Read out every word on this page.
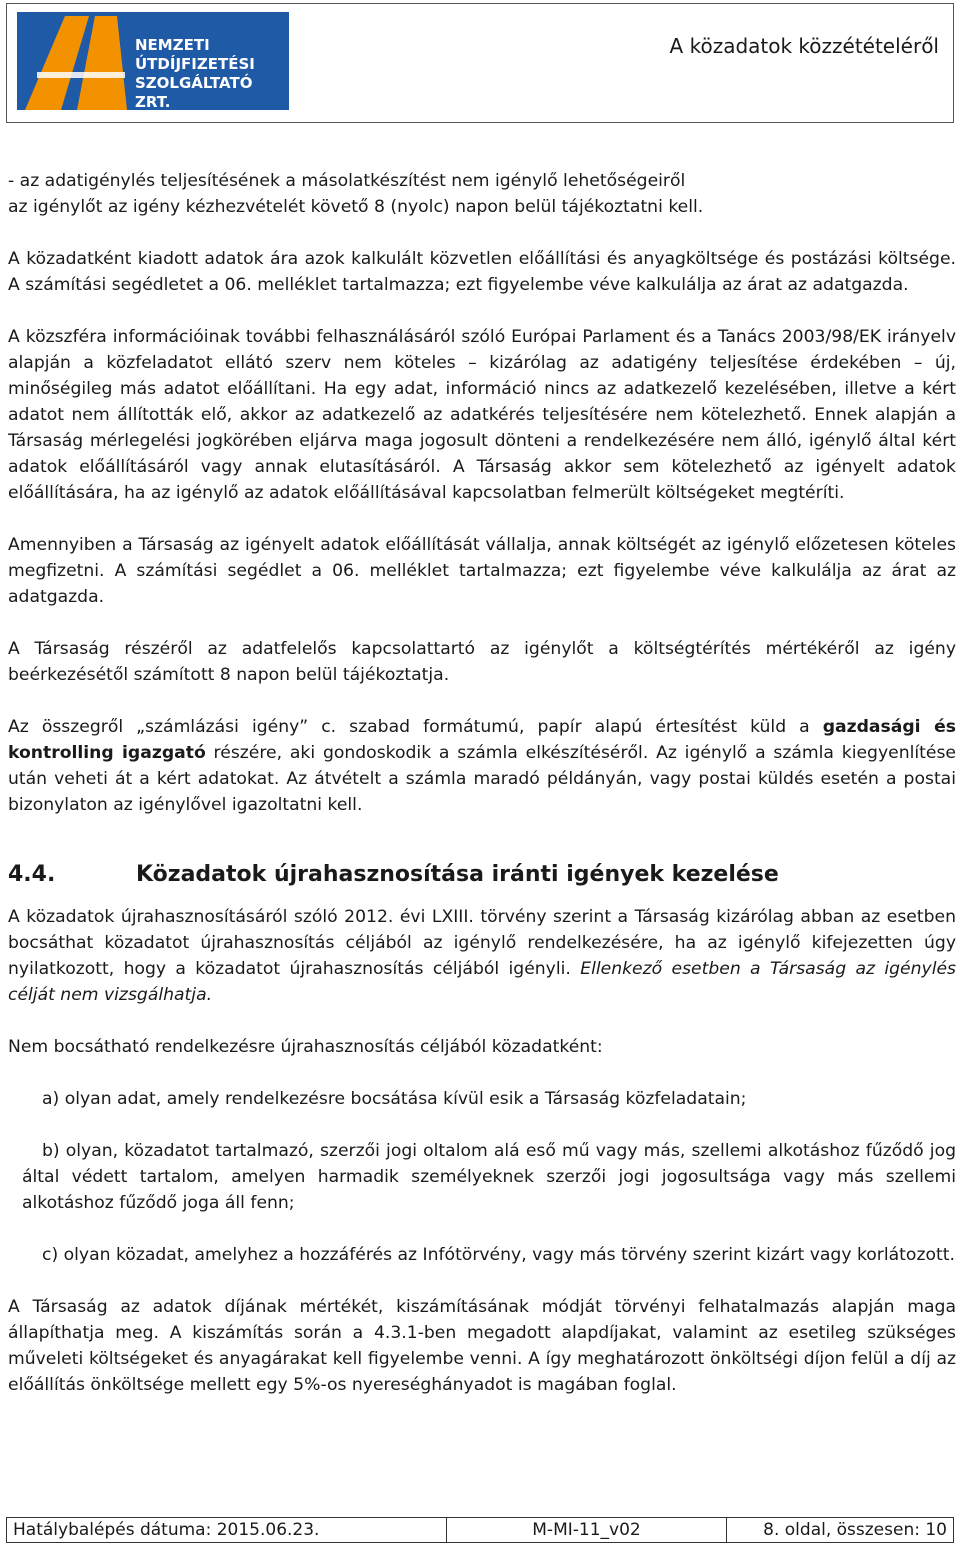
NEMZETI
ÚTDÍJFIZETÉSI
SZOLGÁLTATÓ ZRT.
A közadatok közzétételéről

- az adatigénylés teljesítésének a másolatkészítést nem igénylő lehetőségeiről
az igénylőt az igény kézhezvételét követő 8 (nyolc) napon belül tájékoztatni kell.

A közadatként kiadott adatok ára azok kalkulált közvetlen előállítási és anyagköltsége és postázási költsége. A számítási segédletet a 06. melléklet tartalmazza; ezt figyelembe véve kalkulálja az árat az adatgazda.

A közszféra információinak további felhasználásáról szóló Európai Parlament és a Tanács 2003/98/EK irányelv alapján a közfeladatot ellátó szerv nem köteles – kizárólag az adatigény teljesítése érdekében – új, minőségileg más adatot előállítani. Ha egy adat, információ nincs az adatkezelő kezelésében, illetve a kért adatot nem állították elő, akkor az adatkezelő az adatkérés teljesítésére nem kötelezhető. Ennek alapján a Társaság mérlegelési jogkörében eljárva maga jogosult dönteni a rendelkezésére nem álló, igénylő által kért adatok előállításáról vagy annak elutasításáról. A Társaság akkor sem kötelezhető az igényelt adatok előállítására, ha az igénylő az adatok előállításával kapcsolatban felmerült költségeket megtéríti.

Amennyiben a Társaság az igényelt adatok előállítását vállalja, annak költségét az igénylő előzetesen köteles megfizetni. A számítási segédlet a 06. melléklet tartalmazza; ezt figyelembe véve kalkulálja az árat az adatgazda.

A Társaság részéről az adatfelelős kapcsolattartó az igénylőt a költségtérítés mértékéről az igény beérkezésétől számított 8 napon belül tájékoztatja.

Az összegről „számlázási igény” c. szabad formátumú, papír alapú értesítést küld a gazdasági és kontrolling igazgató részére, aki gondoskodik a számla elkészítéséről. Az igénylő a számla kiegyenlítése után veheti át a kért adatokat. Az átvételt a számla maradó példányán, vagy postai küldés esetén a postai bizonylaton az igénylővel igazoltatni kell.

4.4.	Közadatok újrahasznosítása iránti igények kezelése

A közadatok újrahasznosításáról szóló 2012. évi LXIII. törvény szerint a Társaság kizárólag abban az esetben bocsáthat közadatot újrahasznosítás céljából az igénylő rendelkezésére, ha az igénylő kifejezetten úgy nyilatkozott, hogy a közadatot újrahasznosítás céljából igényli. Ellenkező esetben a Társaság az igénylés célját nem vizsgálhatja.

Nem bocsátható rendelkezésre újrahasznosítás céljából közadatként:

a) olyan adat, amely rendelkezésre bocsátása kívül esik a Társaság közfeladatain;

b) olyan, közadatot tartalmazó, szerzői jogi oltalom alá eső mű vagy más, szellemi alkotáshoz fűződő jog által védett tartalom, amelyen harmadik személyeknek szerzői jogi jogosultsága vagy más szellemi alkotáshoz fűződő joga áll fenn;

c) olyan közadat, amelyhez a hozzáférés az Infótörvény, vagy más törvény szerint kizárt vagy korlátozott.

A Társaság az adatok díjának mértékét, kiszámításának módját törvényi felhatalmazás alapján maga állapíthatja meg. A kiszámítás során a 4.3.1-ben megadott alapdíjakat, valamint az esetileg szükséges műveleti költségeket és anyagárakat kell figyelembe venni. A így meghatározott önköltségi díjon felül a díj az előállítás önköltsége mellett egy 5%-os nyereséghányadot is magában foglal.

Hatálybalépés dátuma: 2015.06.23.	M-MI-11_v02	8. oldal, összesen: 10
